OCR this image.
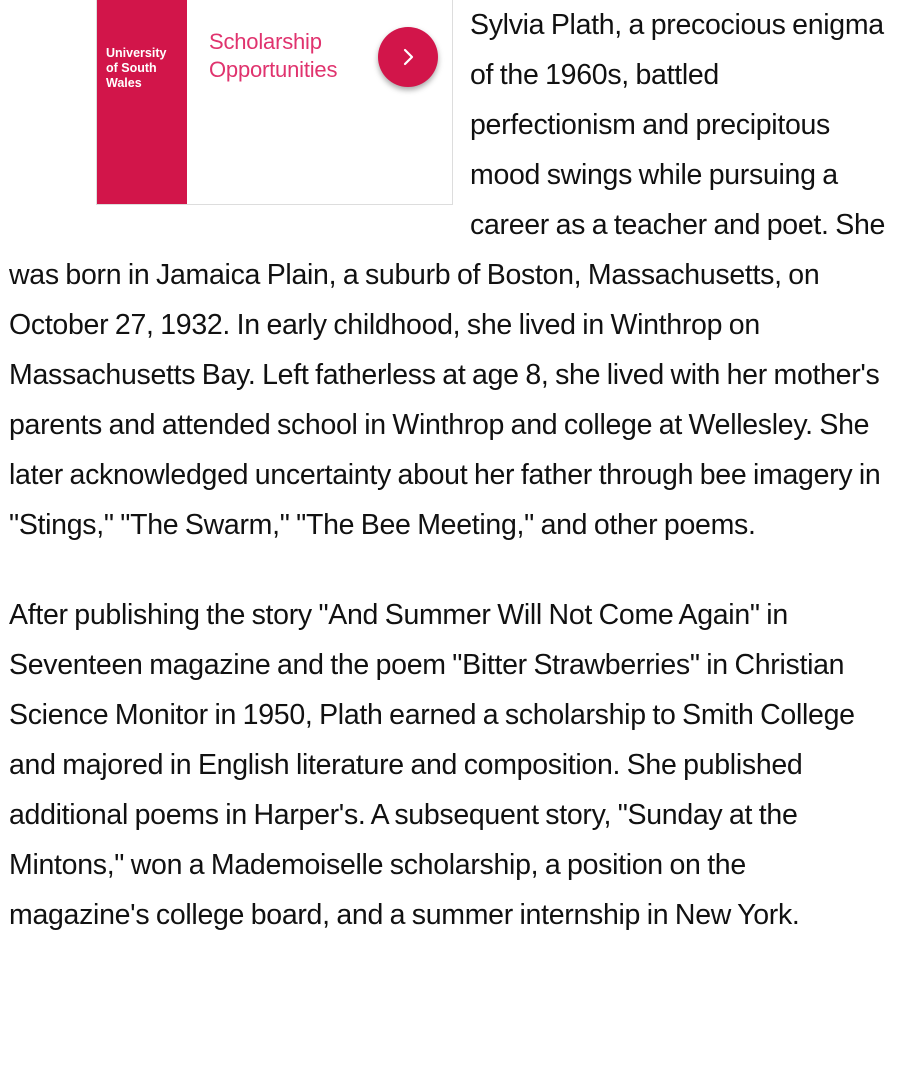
University
of South
Wales
Scholarship
Opportunities

Sylvia Plath, a precocious enigma of the 1960s, battled perfectionism and precipitous mood swings while pursuing a career as a teacher and poet. She was born in Jamaica Plain, a suburb of Boston, Massachusetts, on October 27, 1932. In early childhood, she lived in Winthrop on Massachusetts Bay. Left fatherless at age 8, she lived with her mother's parents and attended school in Winthrop and college at Wellesley. She later acknowledged uncertainty about her father through bee imagery in "Stings," "The Swarm," "The Bee Meeting," and other poems.

After publishing the story "And Summer Will Not Come Again" in Seventeen magazine and the poem "Bitter Strawberries" in Christian Science Monitor in 1950, Plath earned a scholarship to Smith College and majored in English literature and composition. She published additional poems in Harper's. A subsequent story, "Sunday at the Mintons," won a Mademoiselle scholarship, a position on the magazine's college board, and a summer internship in New York.
